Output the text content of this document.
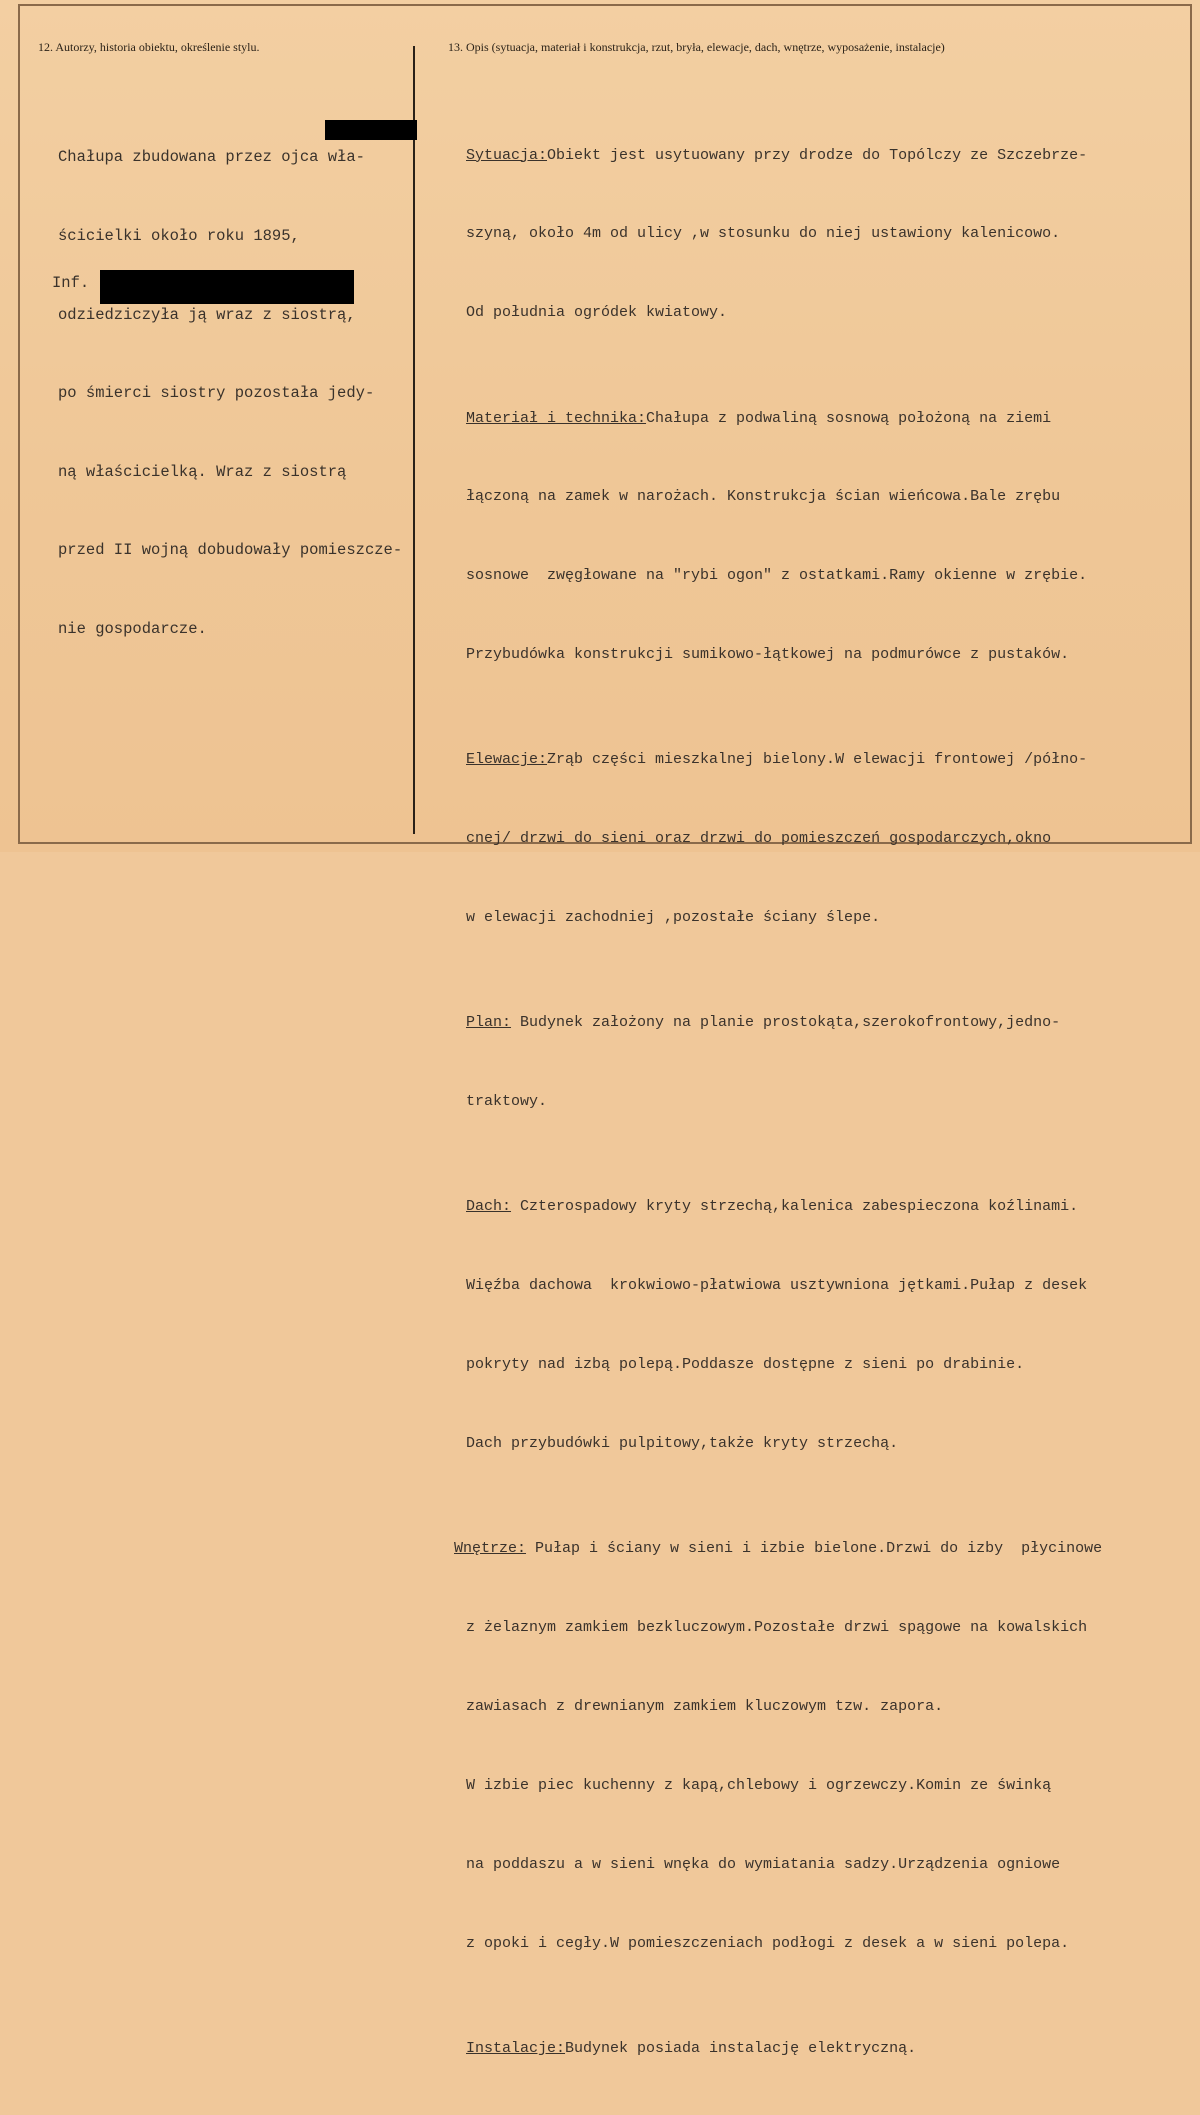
12. Autorzy, historia obiektu, określenie stylu.	13. Opis (sytuacja, materiał i konstrukcja, rzut, bryła, elewacje, dach, wnętrze, wyposażenie, instalacje)

Chałupa zbudowana przez ojca wła-

ścicielki około roku 1895,

odziedziczyła ją wraz z siostrą,

po śmierci siostry pozostała jedy-

ną właścicielką. Wraz z siostrą

przed II wojną dobudowały pomieszcze-

nie gospodarcze.

Inf.

Sytuacja:Obiekt jest usytuowany przy drodze do Topólczy ze Szczebrze-

szyną, około 4m od ulicy ,w stosunku do niej ustawiony kalenicowo.

Od południa ogródek kwiatowy.

Materiał i technika:Chałupa z podwaliną sosnową położoną na ziemi

łączoną na zamek w narożach. Konstrukcja ścian wieńcowa.Bale zrębu

sosnowe  zwęgłowane na "rybi ogon" z ostatkami.Ramy okienne w zrębie.

Przybudówka konstrukcji sumikowo-łątkowej na podmurówce z pustaków.

Elewacje:Zrąb części mieszkalnej bielony.W elewacji frontowej /półno-

cnej/ drzwi do sieni oraz drzwi do pomieszczeń gospodarczych,okno

w elewacji zachodniej ,pozostałe ściany ślepe.

Plan: Budynek założony na planie prostokąta,szerokofrontowy,jedno-

traktowy.

Dach: Czterospadowy kryty strzechą,kalenica zabespieczona koźlinami.

Więźba dachowa  krokwiowo-płatwiowa usztywniona jętkami.Pułap z desek

pokryty nad izbą polepą.Poddasze dostępne z sieni po drabinie.

Dach przybudówki pulpitowy,także kryty strzechą.

Wnętrze: Pułap i ściany w sieni i izbie bielone.Drzwi do izby  płycinowe

z żelaznym zamkiem bezkluczowym.Pozostałe drzwi spągowe na kowalskich

zawiasach z drewnianym zamkiem kluczowym tzw. zapora.

W izbie piec kuchenny z kapą,chlebowy i ogrzewczy.Komin ze świnką

na poddaszu a w sieni wnęka do wymiatania sadzy.Urządzenia ogniowe

z opoki i cegły.W pomieszczeniach podłogi z desek a w sieni polepa.

Instalacje:Budynek posiada instalację elektryczną.
